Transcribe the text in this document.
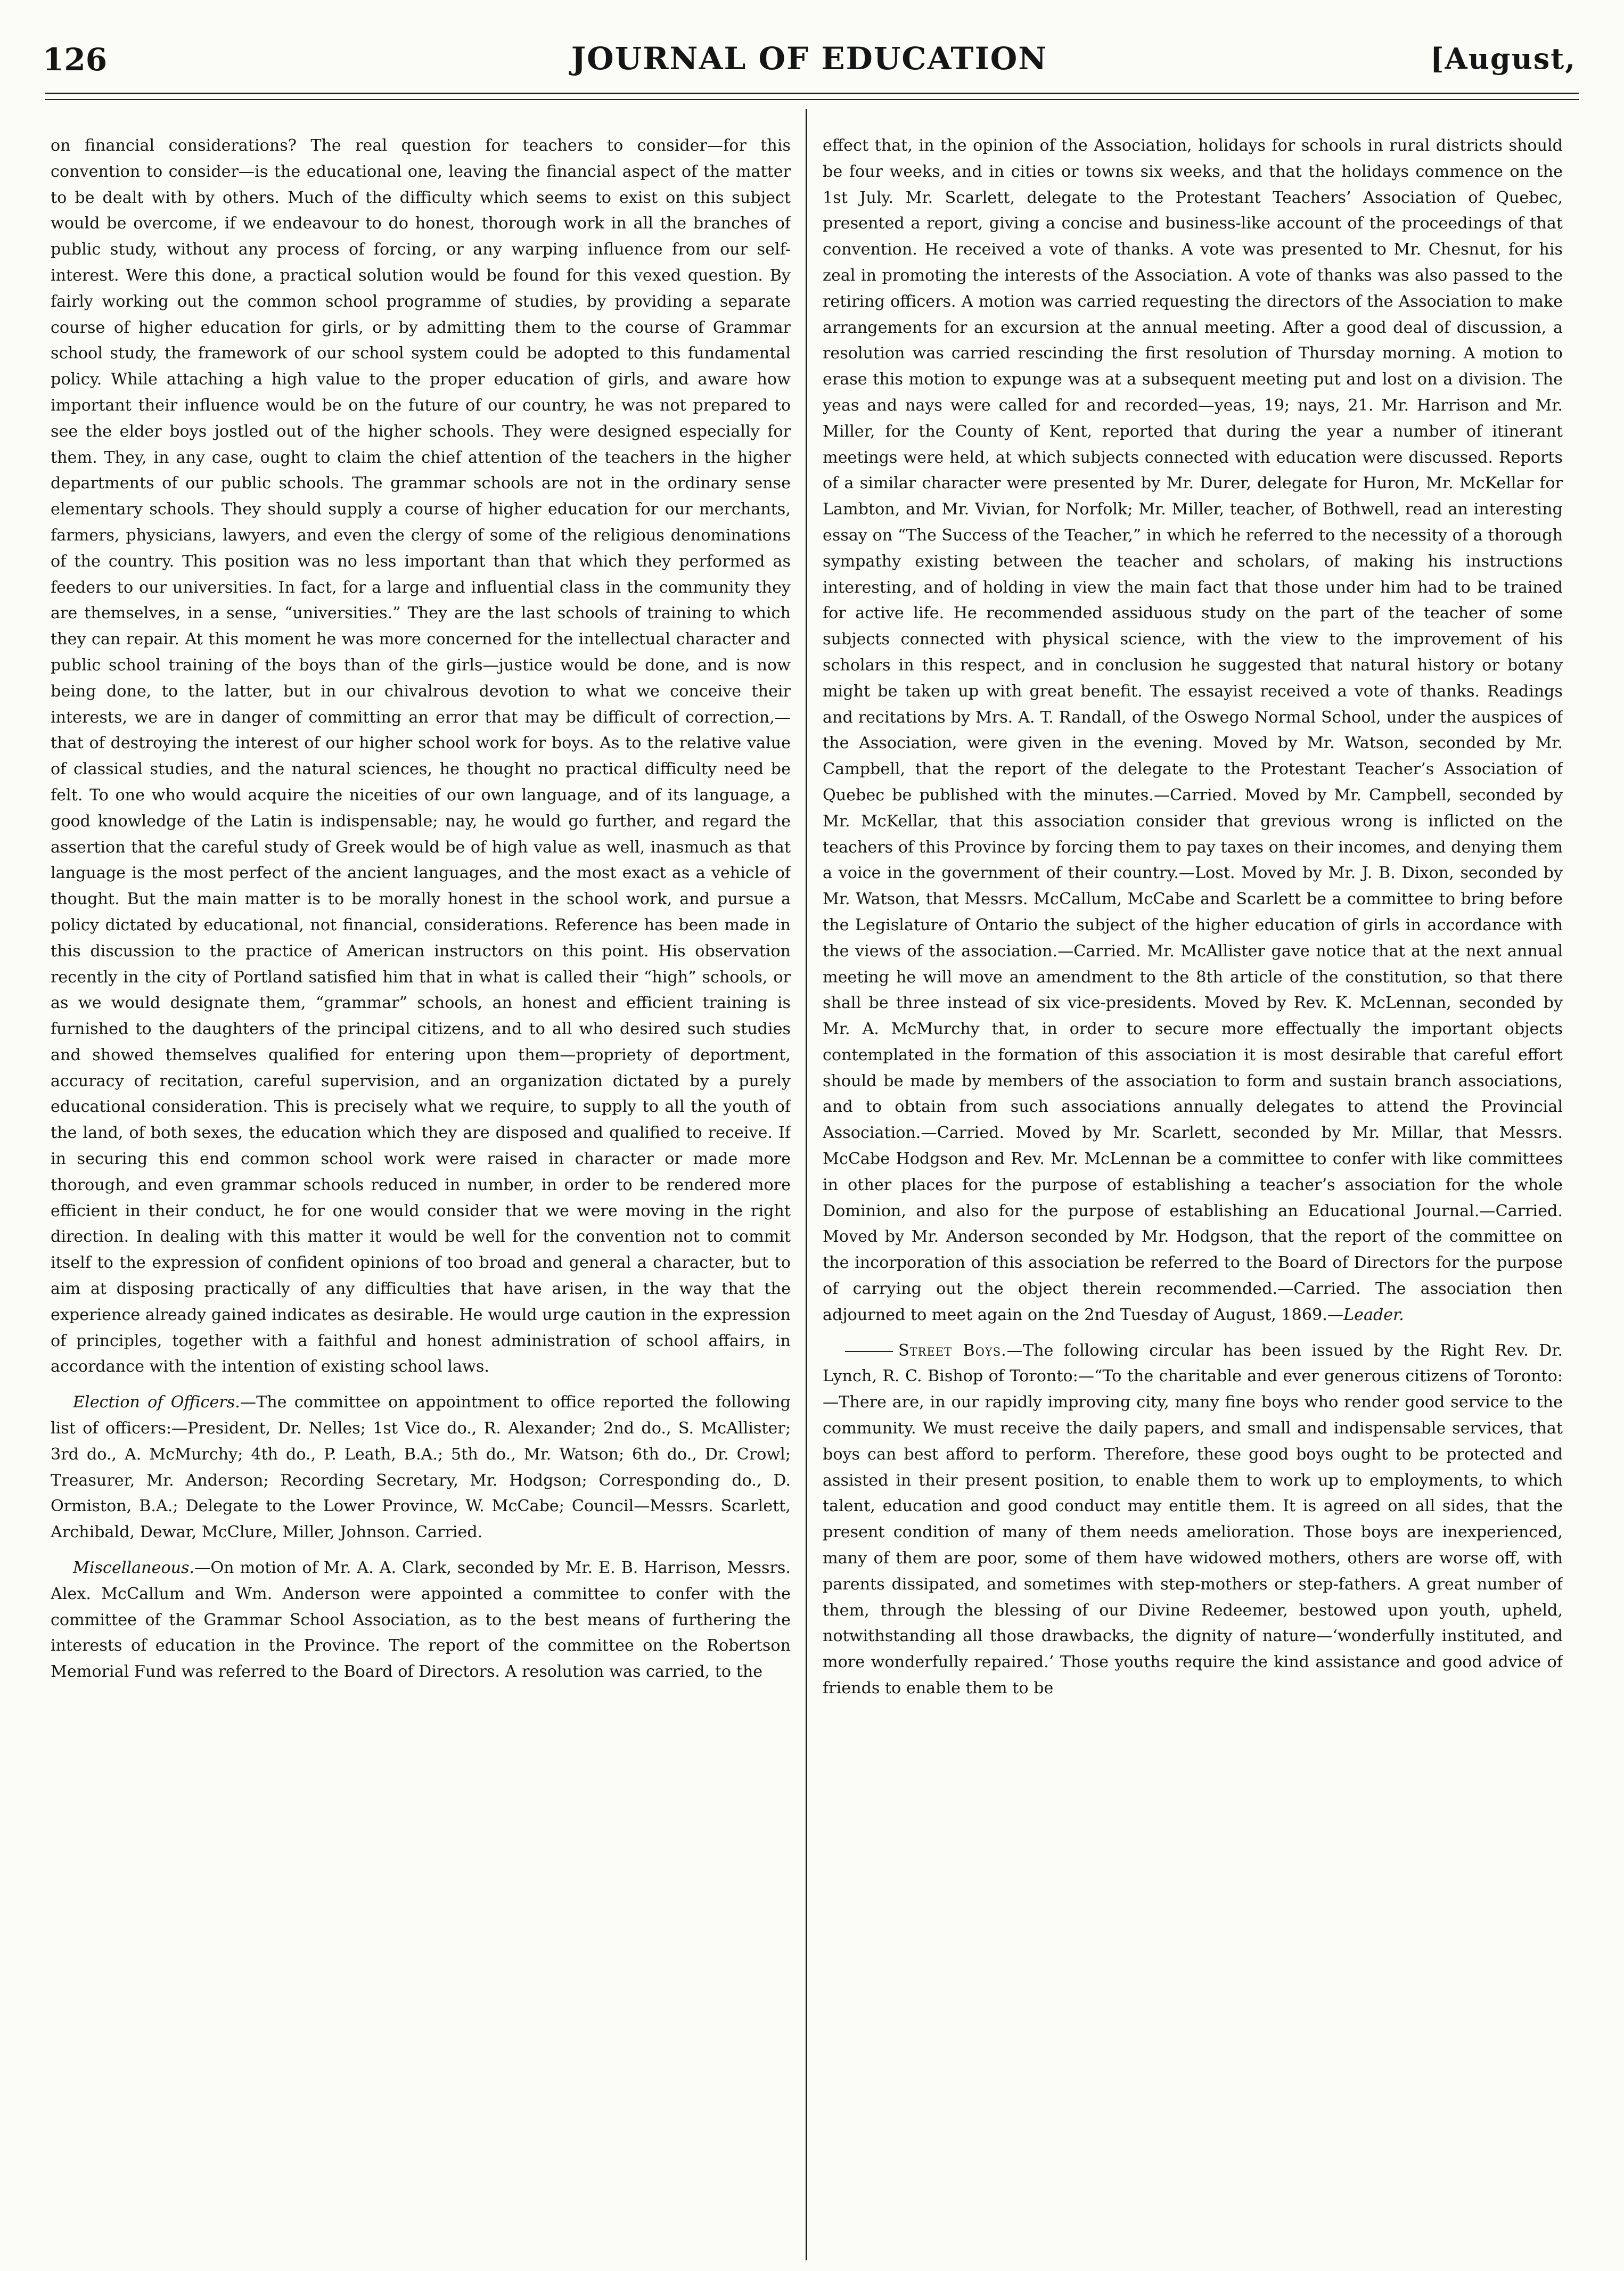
126	JOURNAL OF EDUCATION	[August,

on financial considerations? The real question for teachers to consider—for this convention to consider—is the educational one, leaving the financial aspect of the matter to be dealt with by others. Much of the difficulty which seems to exist on this subject would be overcome, if we endeavour to do honest, thorough work in all the branches of public study, without any process of forcing, or any warping influence from our self-interest. Were this done, a practical solution would be found for this vexed question. By fairly working out the common school programme of studies, by providing a separate course of higher education for girls, or by admitting them to the course of Grammar school study, the framework of our school system could be adopted to this fundamental policy. While attaching a high value to the proper education of girls, and aware how important their influence would be on the future of our country, he was not prepared to see the elder boys jostled out of the higher schools. They were designed especially for them. They, in any case, ought to claim the chief attention of the teachers in the higher departments of our public schools. The grammar schools are not in the ordinary sense elementary schools. They should supply a course of higher education for our merchants, farmers, physicians, lawyers, and even the clergy of some of the religious denominations of the country. This position was no less important than that which they performed as feeders to our universities. In fact, for a large and influential class in the community they are themselves, in a sense, “universities.” They are the last schools of training to which they can repair. At this moment he was more concerned for the intellectual character and public school training of the boys than of the girls—justice would be done, and is now being done, to the latter, but in our chivalrous devotion to what we conceive their interests, we are in danger of committing an error that may be difficult of correction,—that of destroying the interest of our higher school work for boys. As to the relative value of classical studies, and the natural sciences, he thought no practical difficulty need be felt. To one who would acquire the niceities of our own language, and of its language, a good knowledge of the Latin is indispensable; nay, he would go further, and regard the assertion that the careful study of Greek would be of high value as well, inasmuch as that language is the most perfect of the ancient languages, and the most exact as a vehicle of thought. But the main matter is to be morally honest in the school work, and pursue a policy dictated by educational, not financial, considerations. Reference has been made in this discussion to the practice of American instructors on this point. His observation recently in the city of Portland satisfied him that in what is called their “high” schools, or as we would designate them, “grammar” schools, an honest and efficient training is furnished to the daughters of the principal citizens, and to all who desired such studies and showed themselves qualified for entering upon them—propriety of deportment, accuracy of recitation, careful supervision, and an organization dictated by a purely educational consideration. This is precisely what we require, to supply to all the youth of the land, of both sexes, the education which they are disposed and qualified to receive. If in securing this end common school work were raised in character or made more thorough, and even grammar schools reduced in number, in order to be rendered more efficient in their conduct, he for one would consider that we were moving in the right direction. In dealing with this matter it would be well for the convention not to commit itself to the expression of confident opinions of too broad and general a character, but to aim at disposing practically of any difficulties that have arisen, in the way that the experience already gained indicates as desirable. He would urge caution in the expression of principles, together with a faithful and honest administration of school affairs, in accordance with the intention of existing school laws.

Election of Officers.—The committee on appointment to office reported the following list of officers:—President, Dr. Nelles; 1st Vice do., R. Alexander; 2nd do., S. McAllister; 3rd do., A. McMurchy; 4th do., P. Leath, B.A.; 5th do., Mr. Watson; 6th do., Dr. Crowl; Treasurer, Mr. Anderson; Recording Secretary, Mr. Hodgson; Corresponding do., D. Ormiston, B.A.; Delegate to the Lower Province, W. McCabe; Council—Messrs. Scarlett, Archibald, Dewar, McClure, Miller, Johnson. Carried.

Miscellaneous.—On motion of Mr. A. A. Clark, seconded by Mr. E. B. Harrison, Messrs. Alex. McCallum and Wm. Anderson were appointed a committee to confer with the committee of the Grammar School Association, as to the best means of furthering the interests of education in the Province. The report of the committee on the Robertson Memorial Fund was referred to the Board of Directors. A resolution was carried, to the

effect that, in the opinion of the Association, holidays for schools in rural districts should be four weeks, and in cities or towns six weeks, and that the holidays commence on the 1st July. Mr. Scarlett, delegate to the Protestant Teachers’ Association of Quebec, presented a report, giving a concise and business-like account of the proceedings of that convention. He received a vote of thanks. A vote was presented to Mr. Chesnut, for his zeal in promoting the interests of the Association. A vote of thanks was also passed to the retiring officers. A motion was carried requesting the directors of the Association to make arrangements for an excursion at the annual meeting. After a good deal of discussion, a resolution was carried rescinding the first resolution of Thursday morning. A motion to erase this motion to expunge was at a subsequent meeting put and lost on a division. The yeas and nays were called for and recorded—yeas, 19; nays, 21. Mr. Harrison and Mr. Miller, for the County of Kent, reported that during the year a number of itinerant meetings were held, at which subjects connected with education were discussed. Reports of a similar character were presented by Mr. Durer, delegate for Huron, Mr. McKellar for Lambton, and Mr. Vivian, for Norfolk; Mr. Miller, teacher, of Bothwell, read an interesting essay on “The Success of the Teacher,” in which he referred to the necessity of a thorough sympathy existing between the teacher and scholars, of making his instructions interesting, and of holding in view the main fact that those under him had to be trained for active life. He recommended assiduous study on the part of the teacher of some subjects connected with physical science, with the view to the improvement of his scholars in this respect, and in conclusion he suggested that natural history or botany might be taken up with great benefit. The essayist received a vote of thanks. Readings and recitations by Mrs. A. T. Randall, of the Oswego Normal School, under the auspices of the Association, were given in the evening. Moved by Mr. Watson, seconded by Mr. Campbell, that the report of the delegate to the Protestant Teacher’s Association of Quebec be published with the minutes.—Carried. Moved by Mr. Campbell, seconded by Mr. McKellar, that this association consider that grevious wrong is inflicted on the teachers of this Province by forcing them to pay taxes on their incomes, and denying them a voice in the government of their country.—Lost. Moved by Mr. J. B. Dixon, seconded by Mr. Watson, that Messrs. McCallum, McCabe and Scarlett be a committee to bring before the Legislature of Ontario the subject of the higher education of girls in accordance with the views of the association.—Carried. Mr. McAllister gave notice that at the next annual meeting he will move an amendment to the 8th article of the constitution, so that there shall be three instead of six vice-presidents. Moved by Rev. K. McLennan, seconded by Mr. A. McMurchy that, in order to secure more effectually the important objects contemplated in the formation of this association it is most desirable that careful effort should be made by members of the association to form and sustain branch associations, and to obtain from such associations annually delegates to attend the Provincial Association.—Carried. Moved by Mr. Scarlett, seconded by Mr. Millar, that Messrs. McCabe Hodgson and Rev. Mr. McLennan be a committee to confer with like committees in other places for the purpose of establishing a teacher’s association for the whole Dominion, and also for the purpose of establishing an Educational Journal.—Carried. Moved by Mr. Anderson seconded by Mr. Hodgson, that the report of the committee on the incorporation of this association be referred to the Board of Directors for the purpose of carrying out the object therein recommended.—Carried. The association then adjourned to meet again on the 2nd Tuesday of August, 1869.—Leader.

Street Boys.—The following circular has been issued by the Right Rev. Dr. Lynch, R. C. Bishop of Toronto:—“To the charitable and ever generous citizens of Toronto:—There are, in our rapidly improving city, many fine boys who render good service to the community. We must receive the daily papers, and small and indispensable services, that boys can best afford to perform. Therefore, these good boys ought to be protected and assisted in their present position, to enable them to work up to employments, to which talent, education and good conduct may entitle them. It is agreed on all sides, that the present condition of many of them needs amelioration. Those boys are inexperienced, many of them are poor, some of them have widowed mothers, others are worse off, with parents dissipated, and sometimes with step-mothers or step-fathers. A great number of them, through the blessing of our Divine Redeemer, bestowed upon youth, upheld, notwithstanding all those drawbacks, the dignity of nature—‘wonderfully instituted, and more wonderfully repaired.’ Those youths require the kind assistance and good advice of friends to enable them to be
